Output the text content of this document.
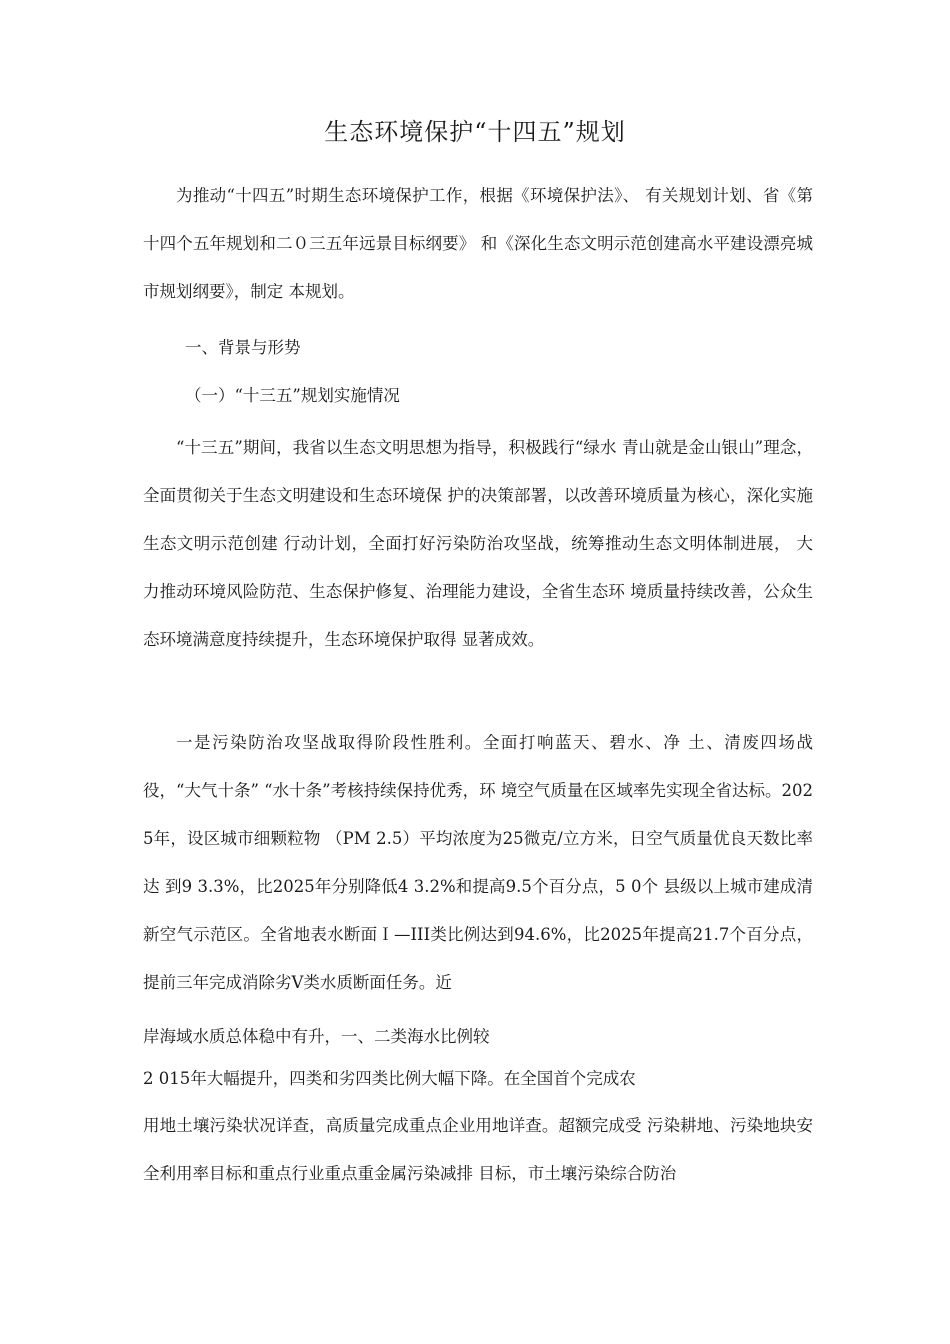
生态环境保护“十四五”规划
为推动“十四五”时期生态环境保护工作，根据《环境保护法》、 有关规划计划、省《第十四个五年规划和二０三五年远景目标纲要》 和《深化生态文明示范创建高水平建设漂亮城市规划纲要》，制定 本规划。
一、背景与形势
（一）“十三五”规划实施情况
“十三五”期间，我省以生态文明思想为指导，积极践行“绿水 青山就是金山银山”理念，全面贯彻关于生态文明建设和生态环境保 护的决策部署，以改善环境质量为核心，深化实施生态文明示范创建 行动计划，全面打好污染防治攻坚战，统筹推动生态文明体制进展， 大力推动环境风险防范、生态保护修复、治理能力建设，全省生态环 境质量持续改善，公众生态环境满意度持续提升，生态环境保护取得 显著成效。
一是污染防治攻坚战取得阶段性胜利。全面打响蓝天、碧水、净 土、清废四场战役，“大气十条” “水十条”考核持续保持优秀，环 境空气质量在区域率先实现全省达标。2025年，设区城市细颗粒物 （PM 2.5）平均浓度为25微克/立方米，日空气质量优良天数比率达 到9 3.3%，比2025年分别降低4 3.2%和提高9.5个百分点，5 0个 县级以上城市建成清新空气示范区。全省地表水断面Ｉ—III类比例达到94.6%，比2025年提高21.7个百分点，提前三年完成消除劣Ⅴ类水质断面任务。近
岸海域水质总体稳中有升，一、二类海水比例较
2 015年大幅提升，四类和劣四类比例大幅下降。在全国首个完成农
用地土壤污染状况详查，高质量完成重点企业用地详查。超额完成受 污染耕地、污染地块安全利用率目标和重点行业重点重金属污染减排 目标，市土壤污染综合防治
